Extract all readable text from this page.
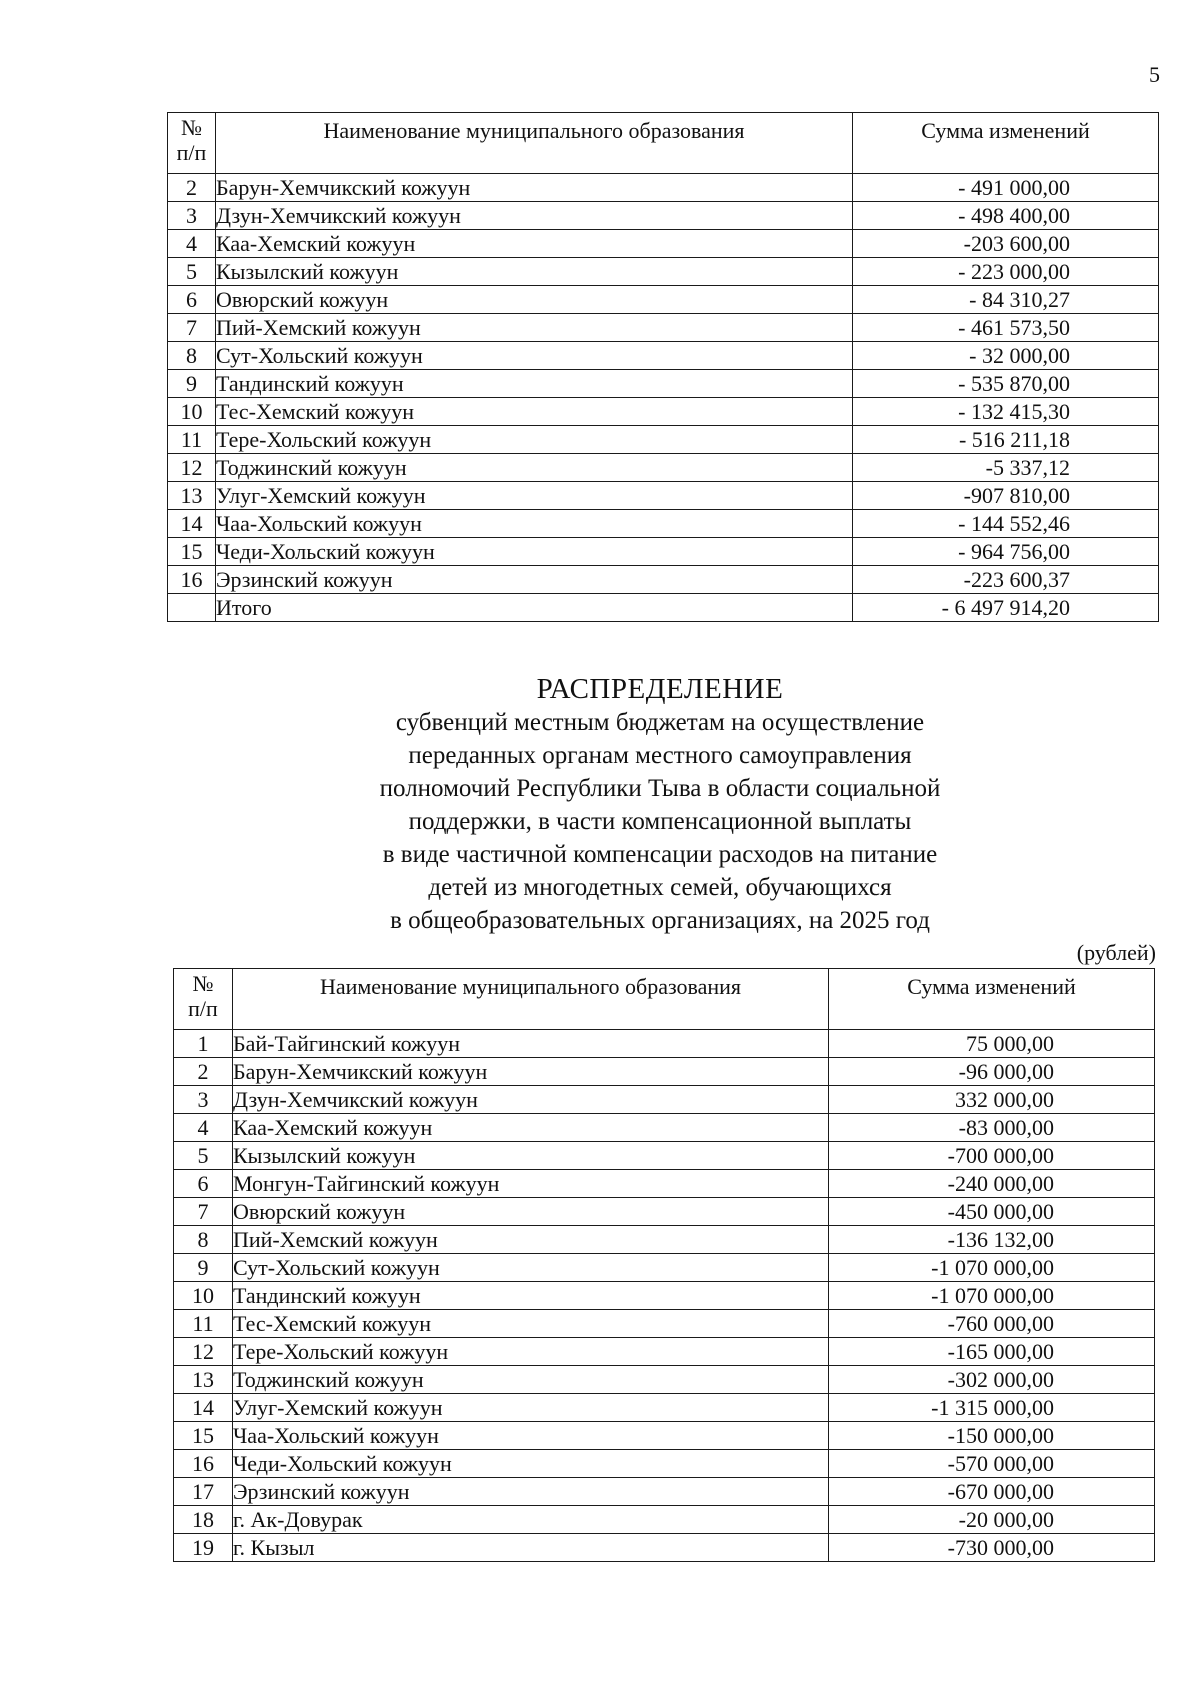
5
№
п/п	Наименование муниципального образования	Сумма изменений
2	Барун-Хемчикский кожуун	- 491 000,00
3	Дзун-Хемчикский кожуун	- 498 400,00
4	Каа-Хемский кожуун	-203 600,00
5	Кызылский кожуун	- 223 000,00
6	Овюрский кожуун	- 84 310,27
7	Пий-Хемский кожуун	- 461 573,50
8	Сут-Хольский кожуун	- 32 000,00
9	Тандинский кожуун	- 535 870,00
10	Тес-Хемский кожуун	- 132 415,30
11	Тере-Хольский кожуун	- 516 211,18
12	Тоджинский кожуун	-5 337,12
13	Улуг-Хемский кожуун	-907 810,00
14	Чаа-Хольский кожуун	- 144 552,46
15	Чеди-Хольский кожуун	- 964 756,00
16	Эрзинский кожуун	-223 600,37
	Итого	- 6 497 914,20
РАСПРЕДЕЛЕНИЕ
субвенций местным бюджетам на осуществление
переданных органам местного самоуправления
полномочий Республики Тыва в области социальной
поддержки, в части компенсационной выплаты
в виде частичной компенсации расходов на питание
детей из многодетных семей, обучающихся
в общеобразовательных организациях, на 2025 год
(рублей)
№
п/п	Наименование муниципального образования	Сумма изменений
1	Бай-Тайгинский кожуун	75 000,00
2	Барун-Хемчикский кожуун	-96 000,00
3	Дзун-Хемчикский кожуун	332 000,00
4	Каа-Хемский кожуун	-83 000,00
5	Кызылский кожуун	-700 000,00
6	Монгун-Тайгинский кожуун	-240 000,00
7	Овюрский кожуун	-450 000,00
8	Пий-Хемский кожуун	-136 132,00
9	Сут-Хольский кожуун	-1 070 000,00
10	Тандинский кожуун	-1 070 000,00
11	Тес-Хемский кожуун	-760 000,00
12	Тере-Хольский кожуун	-165 000,00
13	Тоджинский кожуун	-302 000,00
14	Улуг-Хемский кожуун	-1 315 000,00
15	Чаа-Хольский кожуун	-150 000,00
16	Чеди-Хольский кожуун	-570 000,00
17	Эрзинский кожуун	-670 000,00
18	г. Ак-Довурак	-20 000,00
19	г. Кызыл	-730 000,00
